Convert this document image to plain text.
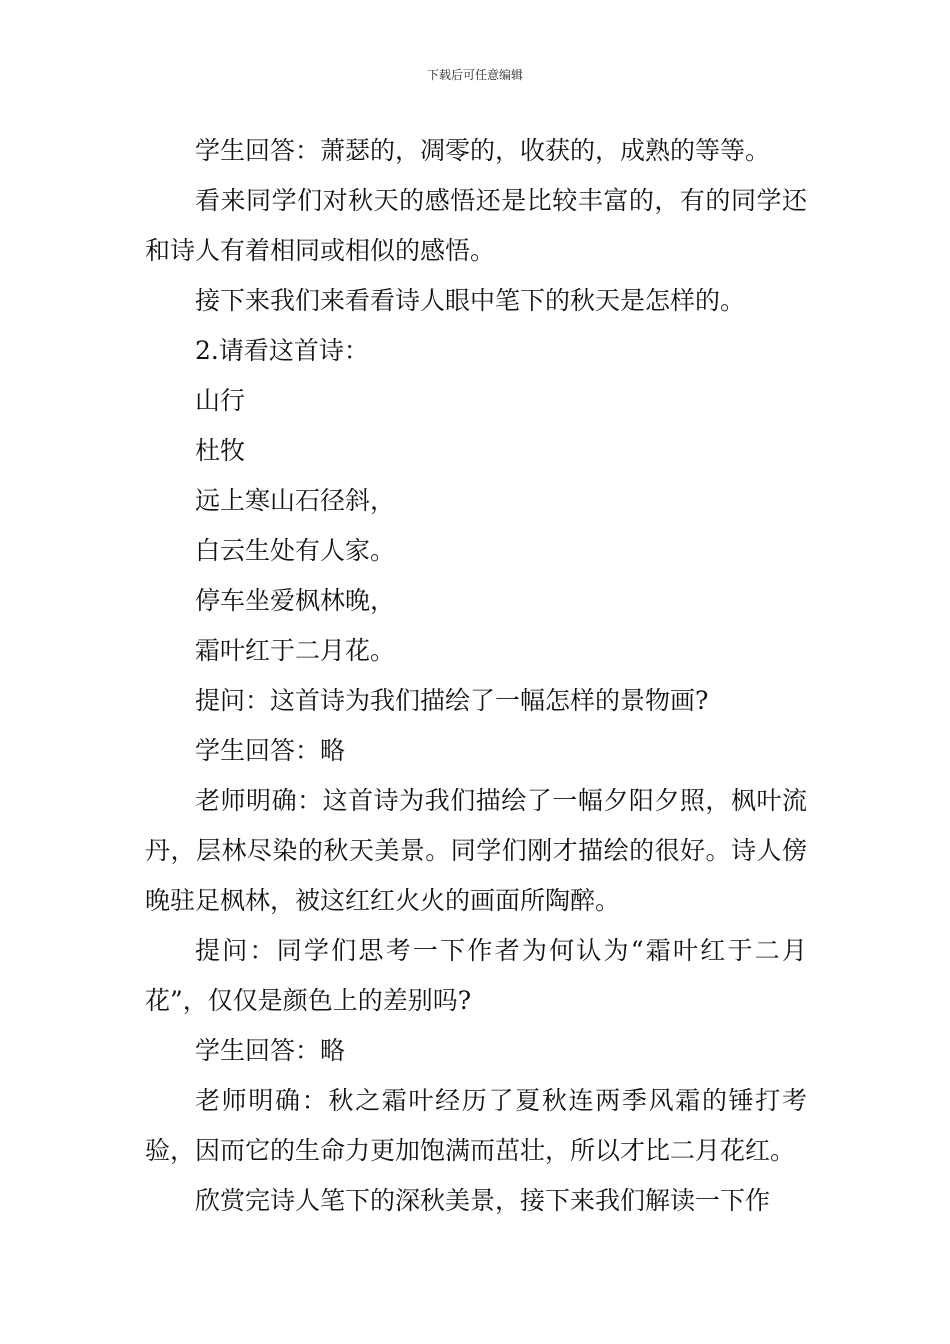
下载后可任意编辑

学生回答：萧瑟的，凋零的，收获的，成熟的等等。

看来同学们对秋天的感悟还是比较丰富的，有的同学还和诗人有着相同或相似的感悟。

接下来我们来看看诗人眼中笔下的秋天是怎样的。

2.请看这首诗：

山行

杜牧

远上寒山石径斜，

白云生处有人家。

停车坐爱枫林晚，

霜叶红于二月花。

提问：这首诗为我们描绘了一幅怎样的景物画?

学生回答：略

老师明确：这首诗为我们描绘了一幅夕阳夕照，枫叶流丹，层林尽染的秋天美景。同学们刚才描绘的很好。诗人傍晚驻足枫林，被这红红火火的画面所陶醉。

提问：同学们思考一下作者为何认为“霜叶红于二月花”，仅仅是颜色上的差别吗?

学生回答：略

老师明确：秋之霜叶经历了夏秋连两季风霜的锤打考验，因而它的生命力更加饱满而茁壮，所以才比二月花红。

欣赏完诗人笔下的深秋美景，接下来我们解读一下作
